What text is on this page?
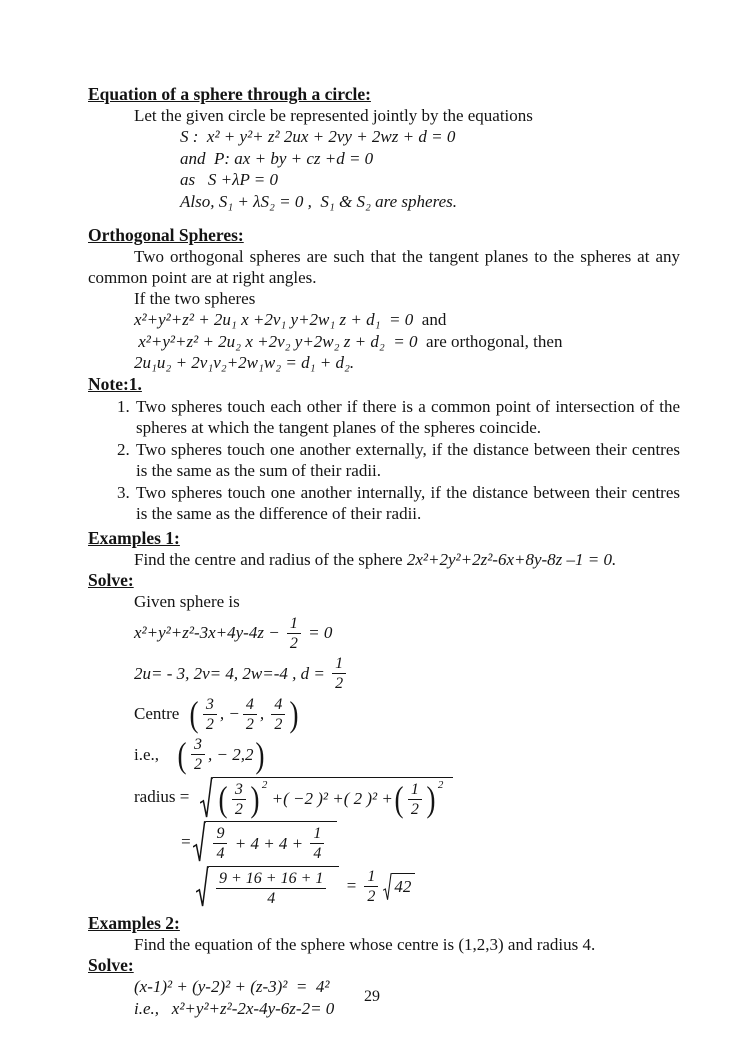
Equation of a sphere through a circle:

Let the given circle be represented jointly by the equations

S :  x² + y²+ z² 2ux + 2vy + 2wz + d = 0
and  P: ax + by + cz +d = 0
as   S +λP = 0
Also, S₁ + λS₂ = 0 ,  S₁ & S₂ are spheres.
Orthogonal Spheres:

Two orthogonal spheres are such that the tangent planes to the spheres at any common point are at right angles.

If the two spheres

x²+y²+z² + 2u₁ x +2v₁ y+2w₁ z + d₁  = 0  and
x²+y²+z² + 2u₂ x +2v₂ y+2w₂ z + d₂  = 0  are orthogonal, then
2u₁u₂ + 2v₁v₂+2w₁w₂ = d₁ + d₂.
Note:1.
1. Two spheres touch each other if there is a common point of intersection of the spheres at which the tangent planes of the spheres coincide.
2. Two spheres touch one another externally, if the distance between their centres is the same as the sum of their radii.
3. Two spheres touch one another internally, if the distance between their centres is the same as the difference of their radii.
Examples 1:

Find the centre and radius of the sphere 2x²+2y²+2z²-6x+8y-8z –1 = 0.

Solve:

Given sphere is

$x^2+y^2+z^2-3x+4y-4z - \frac{1}{2} = 0$
2u= - 3, 2v= 4, 2w=-4 , $d = \frac{1}{2}$
Centre ( $\frac{3}{2}$ , − $\frac{4}{2}$ , $\frac{4}{2}$ )
i.e., ( $\frac{3}{2}$ , − 2,2 )
radius = ( $\frac{3}{2}$ ) 2
+( −2 )² +( 2 )² + ( $\frac{1}{2}$ ) 2
= $\frac{9}{4} + 4 + 4 + \frac{1}{4}$
$\frac{9 + 16 + 16 + 1}{4} = \frac{1}{2} 42$
Examples 2:

Find the equation of the sphere whose centre is (1,2,3) and radius 4.

Solve:
(x-1)² + (y-2)² + (z-3)²  =  4²
i.e.,   x²+y²+z²-2x-4y-6z-2= 0
29
